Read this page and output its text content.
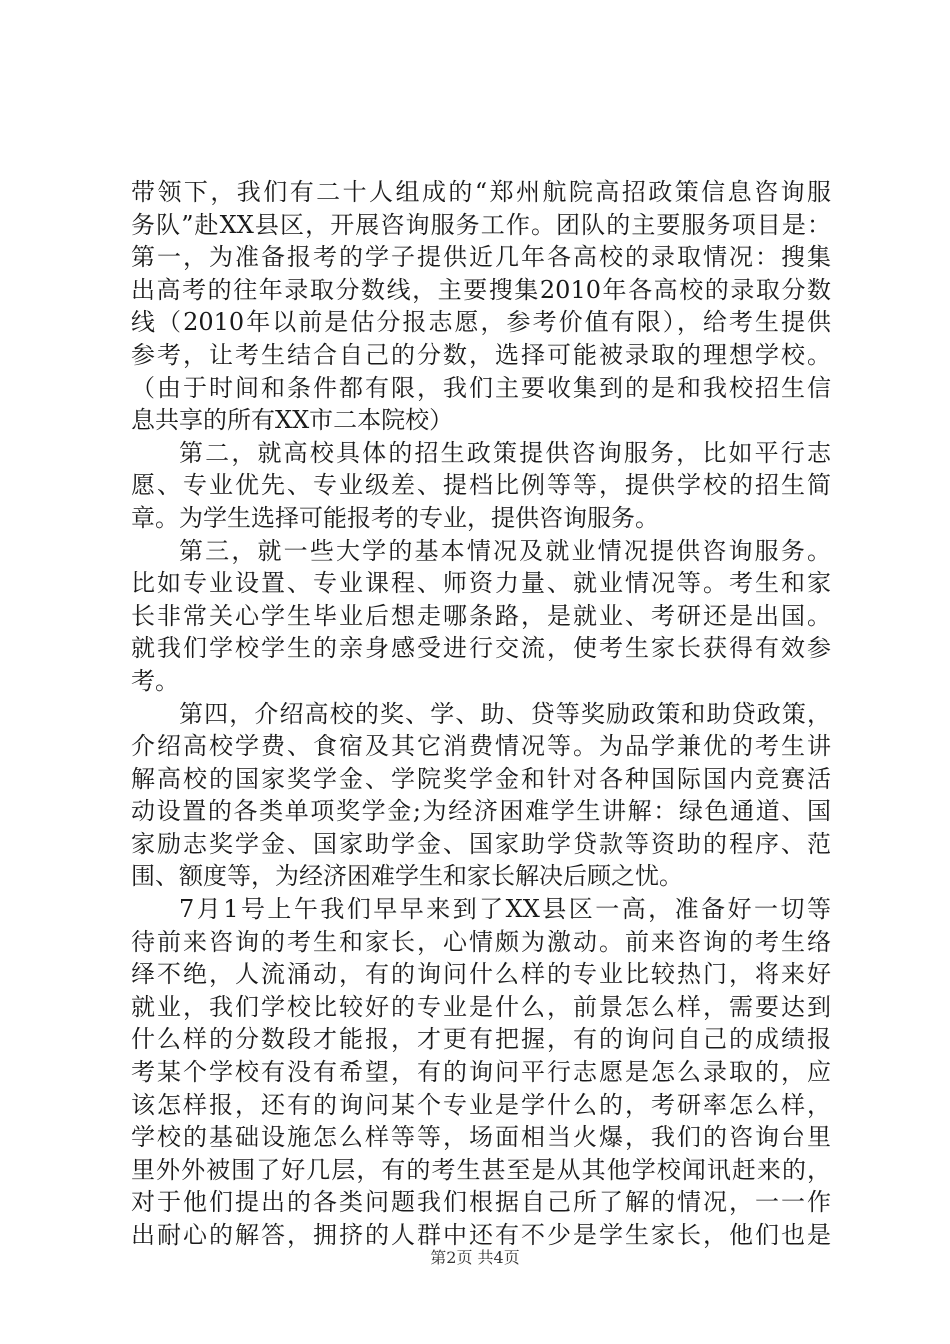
带领下，我们有二十人组成的“郑州航院高招政策信息咨询服
务队”赴XX县区，开展咨询服务工作。团队的主要服务项目是：
第一，为准备报考的学子提供近几年各高校的录取情况：搜集
出高考的往年录取分数线，主要搜集2010年各高校的录取分数
线（2010年以前是估分报志愿，参考价值有限），给考生提供
参考，让考生结合自己的分数，选择可能被录取的理想学校。
（由于时间和条件都有限，我们主要收集到的是和我校招生信
息共享的所有XX市二本院校）
第二，就高校具体的招生政策提供咨询服务，比如平行志
愿、专业优先、专业级差、提档比例等等，提供学校的招生简
章。为学生选择可能报考的专业，提供咨询服务。
第三，就一些大学的基本情况及就业情况提供咨询服务。
比如专业设置、专业课程、师资力量、就业情况等。考生和家
长非常关心学生毕业后想走哪条路，是就业、考研还是出国。
就我们学校学生的亲身感受进行交流，使考生家长获得有效参
考。
第四，介绍高校的奖、学、助、贷等奖励政策和助贷政策，
介绍高校学费、食宿及其它消费情况等。为品学兼优的考生讲
解高校的国家奖学金、学院奖学金和针对各种国际国内竞赛活
动设置的各类单项奖学金;为经济困难学生讲解：绿色通道、国
家励志奖学金、国家助学金、国家助学贷款等资助的程序、范
围、额度等，为经济困难学生和家长解决后顾之忧。
7月1号上午我们早早来到了XX县区一高，准备好一切等
待前来咨询的考生和家长，心情颇为激动。前来咨询的考生络
绎不绝，人流涌动，有的询问什么样的专业比较热门，将来好
就业，我们学校比较好的专业是什么，前景怎么样，需要达到
什么样的分数段才能报，才更有把握，有的询问自己的成绩报
考某个学校有没有希望，有的询问平行志愿是怎么录取的，应
该怎样报，还有的询问某个专业是学什么的，考研率怎么样，
学校的基础设施怎么样等等，场面相当火爆，我们的咨询台里
里外外被围了好几层，有的考生甚至是从其他学校闻讯赶来的，
对于他们提出的各类问题我们根据自己所了解的情况，一一作
出耐心的解答，拥挤的人群中还有不少是学生家长，他们也是
第2页 共4页
